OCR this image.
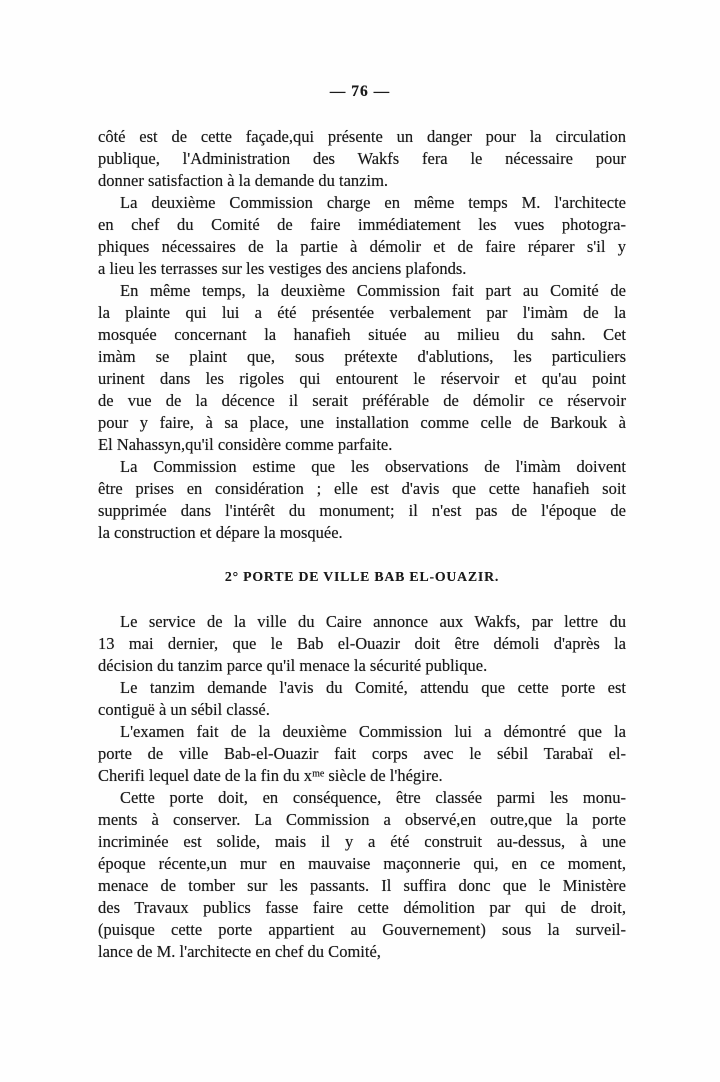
— 76 —
côté est de cette façade,qui présente un danger pour la circulation
publique, l'Administration des Wakfs fera le nécessaire pour
donner satisfaction à la demande du tanzim.
La deuxième Commission charge en même temps M. l'architecte
en chef du Comité de faire immédiatement les vues photogra-
phiques nécessaires de la partie à démolir et de faire réparer s'il y
a lieu les terrasses sur les vestiges des anciens plafonds.
En même temps, la deuxième Commission fait part au Comité de
la plainte qui lui a été présentée verbalement par l'imàm de la
mosquée concernant la hanafieh située au milieu du sahn. Cet
imàm se plaint que, sous prétexte d'ablutions, les particuliers
urinent dans les rigoles qui entourent le réservoir et qu'au point
de vue de la décence il serait préférable de démolir ce réservoir
pour y faire, à sa place, une installation comme celle de Barkouk à
El Nahassyn,qu'il considère comme parfaite.
La Commission estime que les observations de l'imàm doivent
être prises en considération ; elle est d'avis que cette hanafieh soit
supprimée dans l'intérêt du monument; il n'est pas de l'époque de
la construction et dépare la mosquée.
2° PORTE DE VILLE BAB EL-OUAZIR.
Le service de la ville du Caire annonce aux Wakfs, par lettre du
13 mai dernier, que le Bab el-Ouazir doit être démoli d'après la
décision du tanzim parce qu'il menace la sécurité publique.
Le tanzim demande l'avis du Comité, attendu que cette porte est
contiguë à un sébil classé.
L'examen fait de la deuxième Commission lui a démontré que la
porte de ville Bab-el-Ouazir fait corps avec le sébil Tarabaï el-
Cherifi lequel date de la fin du xᵐᵉ siècle de l'hégire.
Cette porte doit, en conséquence, être classée parmi les monu-
ments à conserver. La Commission a observé,en outre,que la porte
incriminée est solide, mais il y a été construit au-dessus, à une
époque récente,un mur en mauvaise maçonnerie qui, en ce moment,
menace de tomber sur les passants. Il suffira donc que le Ministère
des Travaux publics fasse faire cette démolition par qui de droit,
(puisque cette porte appartient au Gouvernement) sous la surveil-
lance de M. l'architecte en chef du Comité,
